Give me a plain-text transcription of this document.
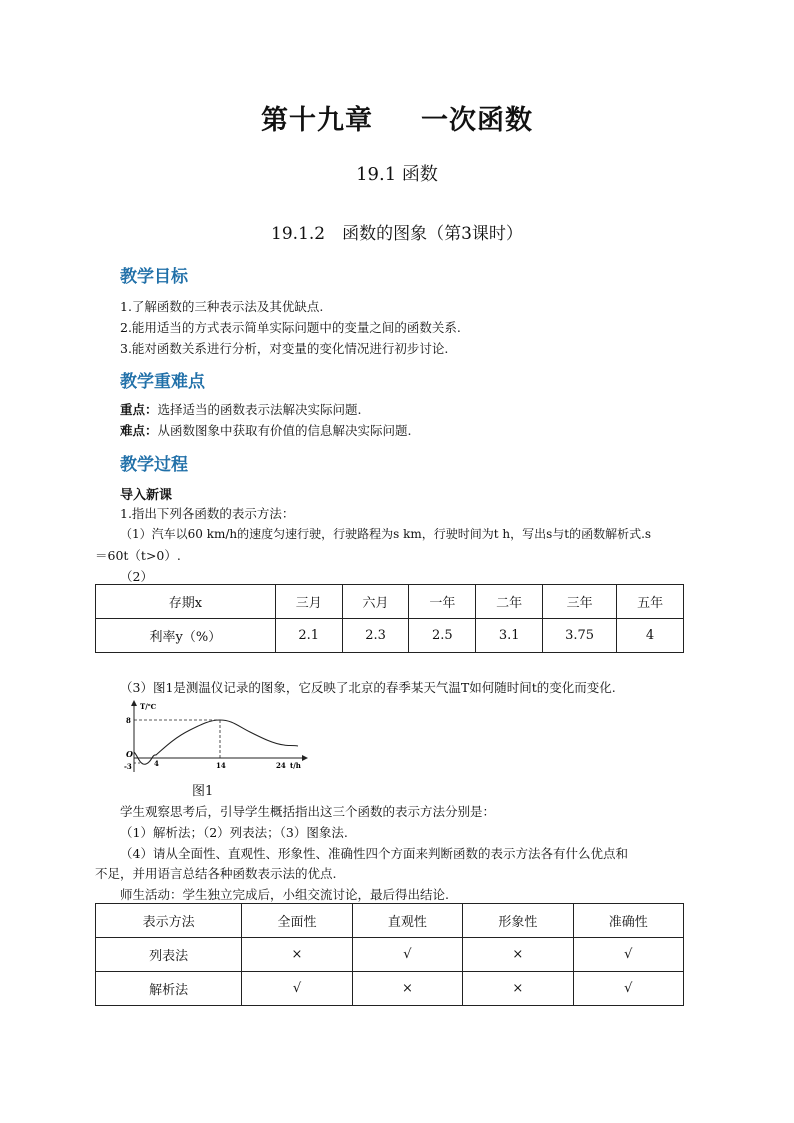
第十九章 一次函数
19.1 函数
19.1.2　函数的图象（第3课时）
教学目标
1.了解函数的三种表示法及其优缺点.
2.能用适当的方式表示简单实际问题中的变量之间的函数关系.
3.能对函数关系进行分析，对变量的变化情况进行初步讨论.
教学重难点
重点：选择适当的函数表示法解决实际问题.
难点：从函数图象中获取有价值的信息解决实际问题.
教学过程
导入新课
1.指出下列各函数的表示方法：
（1）汽车以60 km/h的速度匀速行驶，行驶路程为s km，行驶时间为t h，写出s与t的函数解析式.s
＝60t（t>0）.
（2）
存期x	三月	六月	一年	二年	三年	五年
利率y（%）	2.1	2.3	2.5	3.1	3.75	4
（3）图1是测温仪记录的图象，它反映了北京的春季某天气温T如何随时间t的变化而变化.
T/℃
8
O
-3	4	14	24 t/h
图1
学生观察思考后，引导学生概括指出这三个函数的表示方法分别是：
（1）解析法；（2）列表法；（3）图象法.
（4）请从全面性、直观性、形象性、准确性四个方面来判断函数的表示方法各有什么优点和
不足，并用语言总结各种函数表示法的优点.
师生活动：学生独立完成后，小组交流讨论，最后得出结论.
表示方法	全面性	直观性	形象性	准确性
列表法	×	√	×	√
解析法	√	×	×	√
